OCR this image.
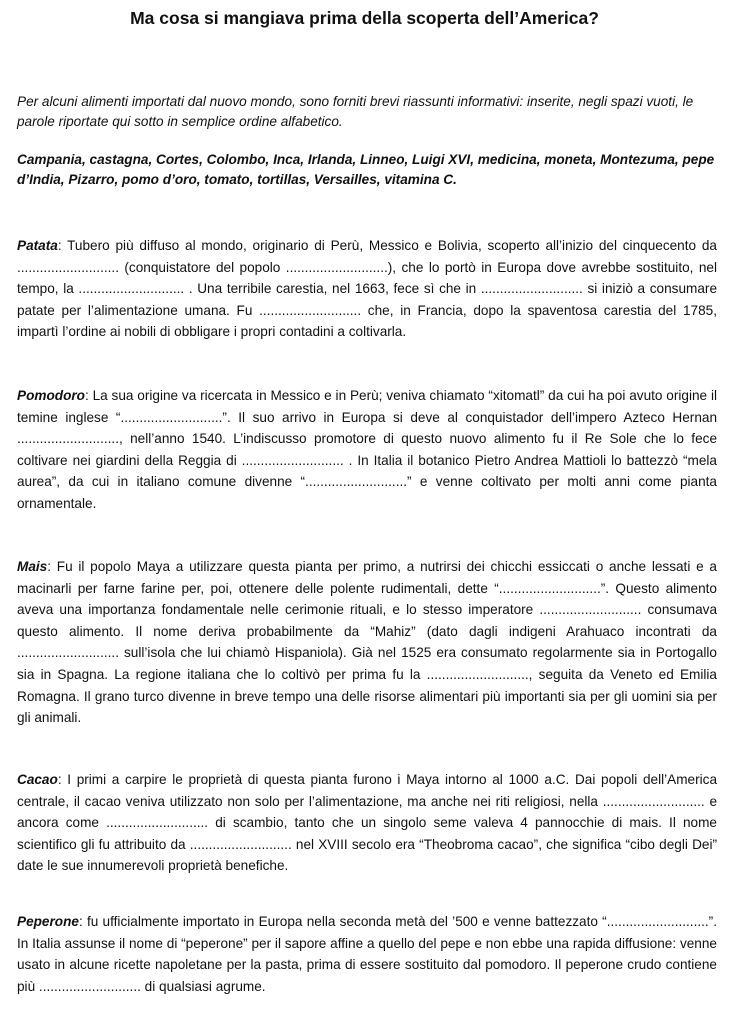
Ma cosa si mangiava prima della scoperta dell’America?

Per alcuni alimenti importati dal nuovo mondo, sono forniti brevi riassunti informativi: inserite, negli spazi vuoti, le parole riportate qui sotto in semplice ordine alfabetico.

Campania, castagna, Cortes, Colombo, Inca, Irlanda, Linneo, Luigi XVI, medicina, moneta, Montezuma, pepe d’India, Pizarro, pomo d’oro, tomato, tortillas, Versailles, vitamina C.

Patata: Tubero più diffuso al mondo, originario di Perù, Messico e Bolivia, scoperto all’inizio del cinquecento da ........................... (conquistatore del popolo ...........................), che lo portò in Europa dove avrebbe sostituito, nel tempo, la ............................ . Una terribile carestia, nel 1663, fece sì che in ........................... si iniziò a consumare patate per l’alimentazione umana. Fu ........................... che, in Francia, dopo la spaventosa carestia del 1785, impartì l’ordine ai nobili di obbligare i propri contadini a coltivarla.

Pomodoro: La sua origine va ricercata in Messico e in Perù; veniva chiamato “xitomatl” da cui ha poi avuto origine il temine inglese “...........................”. Il suo arrivo in Europa si deve al conquistador dell’impero Azteco Hernan ..........................., nell’anno 1540. L’indiscusso promotore di questo nuovo alimento fu il Re Sole che lo fece coltivare nei giardini della Reggia di ........................... . In Italia il botanico Pietro Andrea Mattioli lo battezzò “mela aurea”, da cui in italiano comune divenne “...........................” e venne coltivato per molti anni come pianta ornamentale.

Mais: Fu il popolo Maya a utilizzare questa pianta per primo, a nutrirsi dei chicchi essiccati o anche lessati e a macinarli per farne farine per, poi, ottenere delle polente rudimentali, dette “...........................”. Questo alimento aveva una importanza fondamentale nelle cerimonie rituali, e lo stesso imperatore ........................... consumava questo alimento. Il nome deriva probabilmente da “Mahiz” (dato dagli indigeni Arahuaco incontrati da ........................... sull’isola che lui chiamò Hispaniola). Già nel 1525 era consumato regolarmente sia in Portogallo sia in Spagna. La regione italiana che lo coltivò per prima fu la ..........................., seguita da Veneto ed Emilia Romagna. Il grano turco divenne in breve tempo una delle risorse alimentari più importanti sia per gli uomini sia per gli animali.

Cacao: I primi a carpire le proprietà di questa pianta furono i Maya intorno al 1000 a.C. Dai popoli dell’America centrale, il cacao veniva utilizzato non solo per l’alimentazione, ma anche nei riti religiosi, nella ........................... e ancora come ........................... di scambio, tanto che un singolo seme valeva 4 pannocchie di mais. Il nome scientifico gli fu attribuito da ........................... nel XVIII secolo era “Theobroma cacao”, che significa “cibo degli Dei” date le sue innumerevoli proprietà benefiche.

Peperone: fu ufficialmente importato in Europa nella seconda metà del ’500 e venne battezzato “...........................”. In Italia assunse il nome di “peperone” per il sapore affine a quello del pepe e non ebbe una rapida diffusione: venne usato in alcune ricette napoletane per la pasta, prima di essere sostituito dal pomodoro. Il peperone crudo contiene più ........................... di qualsiasi agrume.
